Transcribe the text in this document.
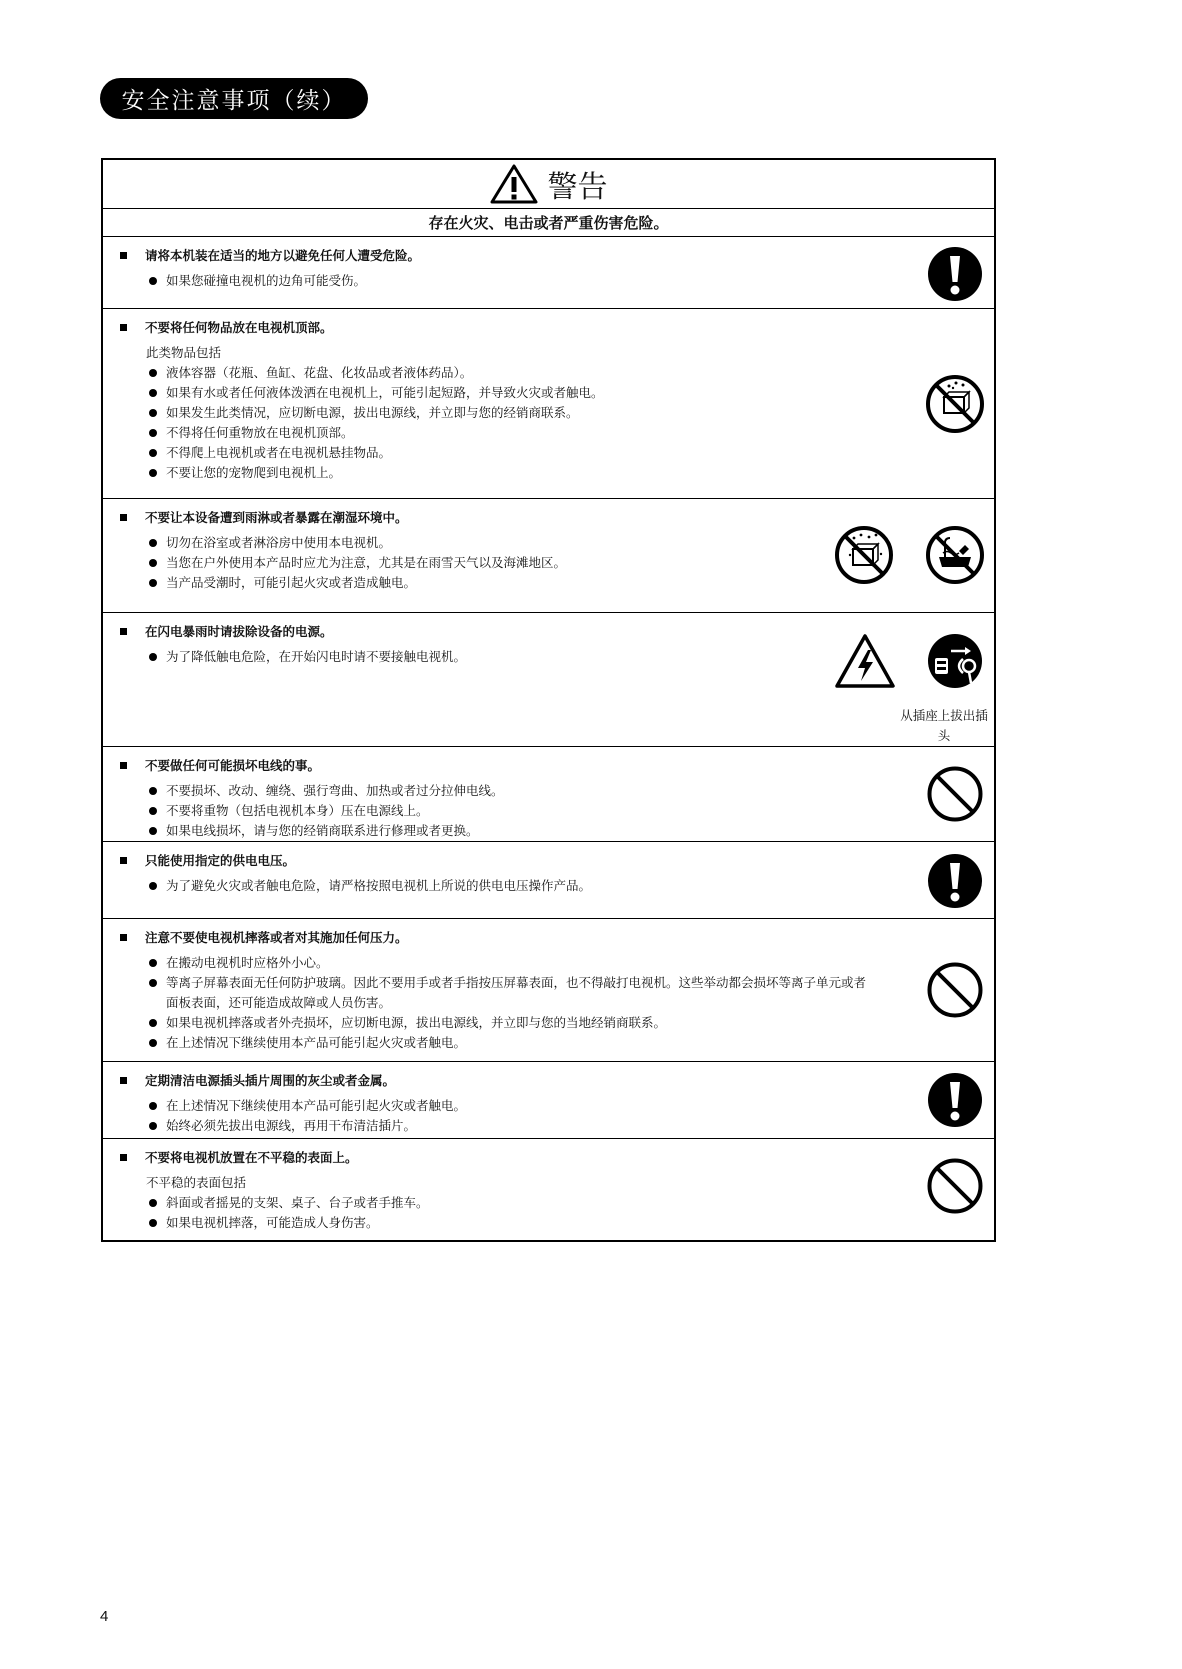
安全注意事项（续）
警告
存在火灾、电击或者严重伤害危险。
请将本机装在适当的地方以避免任何人遭受危险。
如果您碰撞电视机的边角可能受伤。
不要将任何物品放在电视机顶部。
此类物品包括
液体容器（花瓶、鱼缸、花盘、化妆品或者液体药品）。
如果有水或者任何液体泼洒在电视机上，可能引起短路，并导致火灾或者触电。
如果发生此类情况，应切断电源，拔出电源线，并立即与您的经销商联系。
不得将任何重物放在电视机顶部。
不得爬上电视机或者在电视机悬挂物品。
不要让您的宠物爬到电视机上。
不要让本设备遭到雨淋或者暴露在潮湿环境中。
切勿在浴室或者淋浴房中使用本电视机。
当您在户外使用本产品时应尤为注意，尤其是在雨雪天气以及海滩地区。
当产品受潮时，可能引起火灾或者造成触电。
在闪电暴雨时请拔除设备的电源。
为了降低触电危险，在开始闪电时请不要接触电视机。
从插座上拔出插头
不要做任何可能损坏电线的事。
不要损坏、改动、缠绕、强行弯曲、加热或者过分拉伸电线。
不要将重物（包括电视机本身）压在电源线上。
如果电线损坏，请与您的经销商联系进行修理或者更换。
只能使用指定的供电电压。
为了避免火灾或者触电危险，请严格按照电视机上所说的供电电压操作产品。
注意不要使电视机摔落或者对其施加任何压力。
在搬动电视机时应格外小心。
等离子屏幕表面无任何防护玻璃。因此不要用手或者手指按压屏幕表面，也不得敲打电视机。这些举动都会损坏等离子单元或者面板表面，还可能造成故障或人员伤害。
如果电视机摔落或者外壳损坏，应切断电源，拔出电源线，并立即与您的当地经销商联系。
在上述情况下继续使用本产品可能引起火灾或者触电。
定期清洁电源插头插片周围的灰尘或者金属。
在上述情况下继续使用本产品可能引起火灾或者触电。
始终必须先拔出电源线，再用干布清洁插片。
不要将电视机放置在不平稳的表面上。
不平稳的表面包括
斜面或者摇晃的支架、桌子、台子或者手推车。
如果电视机摔落，可能造成人身伤害。
4
